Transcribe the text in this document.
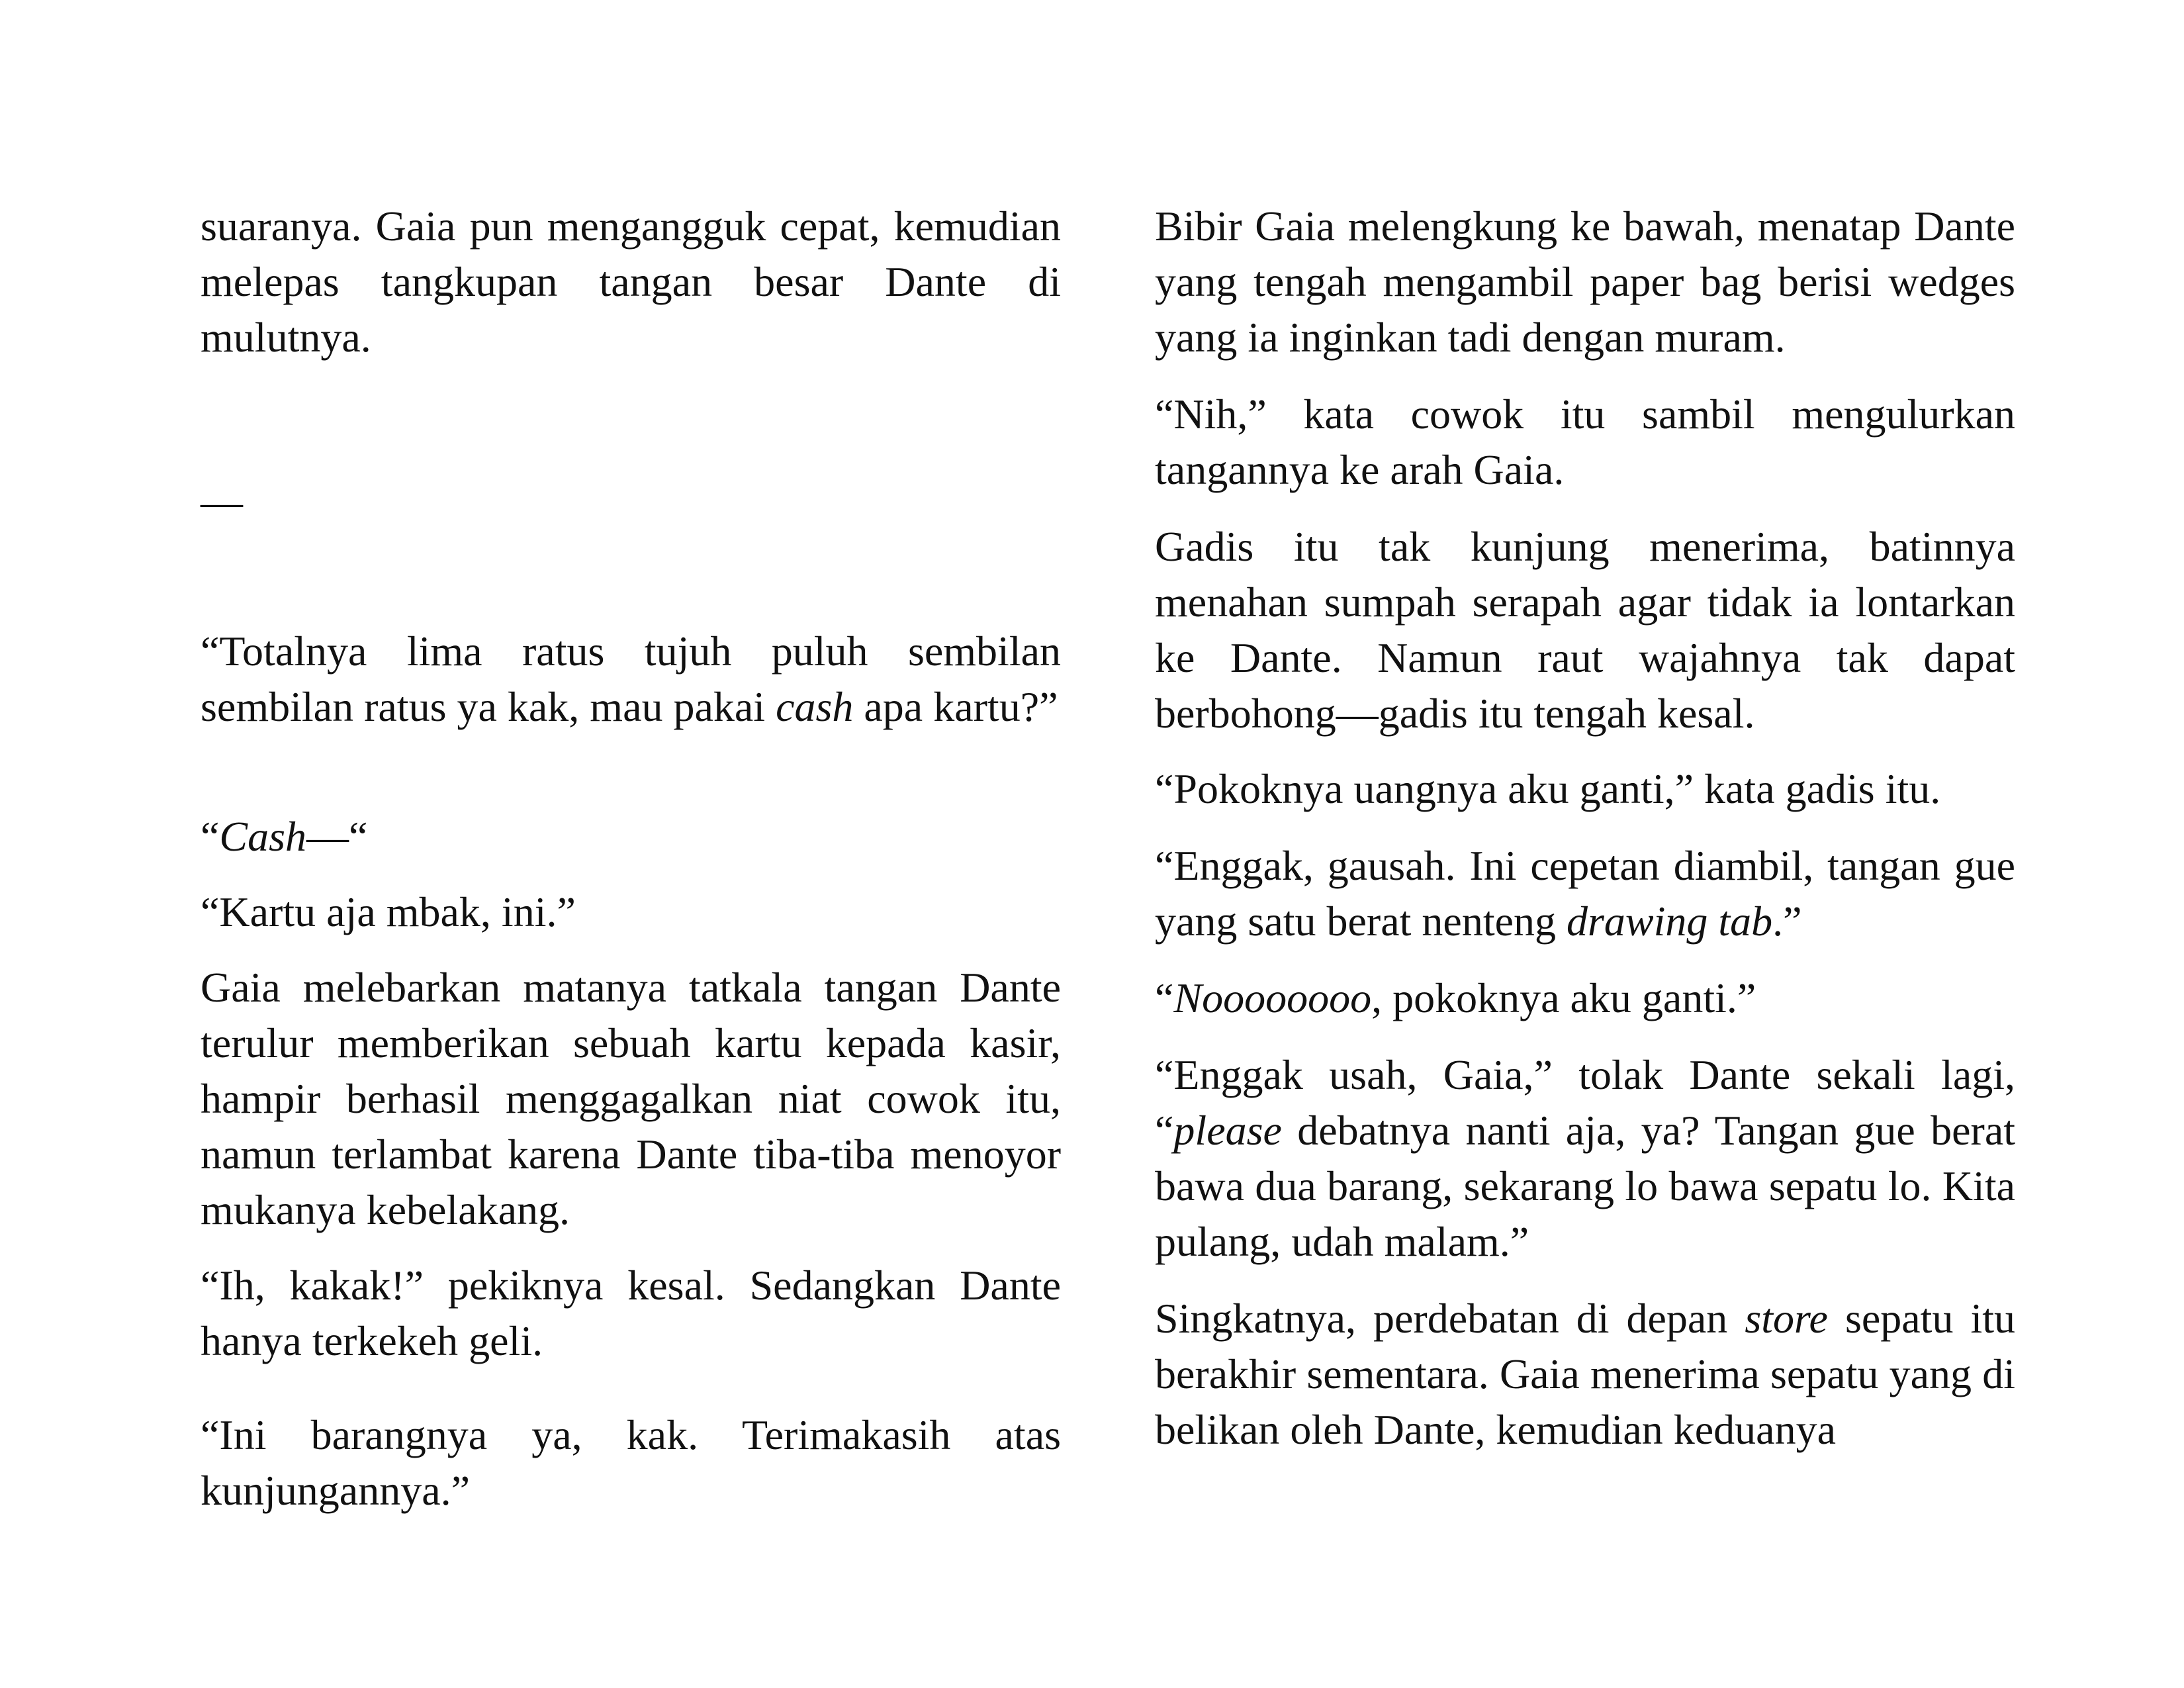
suaranya. Gaia pun mengangguk cepat, kemudian melepas tangkupan tangan besar Dante di mulutnya.

—

“Totalnya lima ratus tujuh puluh sembilan sembilan ratus ya kak, mau pakai cash apa kartu?”

“Cash—“

“Kartu aja mbak, ini.”

Gaia melebarkan matanya tatkala tangan Dante terulur memberikan sebuah kartu kepada kasir, hampir berhasil menggagalkan niat cowok itu, namun terlambat karena Dante tiba-tiba menoyor mukanya kebelakang.

“Ih, kakak!” pekiknya kesal. Sedangkan Dante hanya terkekeh geli.

“Ini barangnya ya, kak. Terimakasih atas kunjungannya.”

Bibir Gaia melengkung ke bawah, menatap Dante yang tengah mengambil paper bag berisi wedges yang ia inginkan tadi dengan muram.

“Nih,” kata cowok itu sambil mengulurkan tangannya ke arah Gaia.

Gadis itu tak kunjung menerima, batinnya menahan sumpah serapah agar tidak ia lontarkan ke Dante. Namun raut wajahnya tak dapat berbohong—gadis itu tengah kesal.

“Pokoknya uangnya aku ganti,” kata gadis itu.

“Enggak, gausah. Ini cepetan diambil, tangan gue yang satu berat nenteng drawing tab.”

“Noooooooo, pokoknya aku ganti.”

“Enggak usah, Gaia,” tolak Dante sekali lagi, “please debatnya nanti aja, ya? Tangan gue berat bawa dua barang, sekarang lo bawa sepatu lo. Kita pulang, udah malam.”

Singkatnya, perdebatan di depan store sepatu itu berakhir sementara. Gaia menerima sepatu yang di belikan oleh Dante, kemudian keduanya
